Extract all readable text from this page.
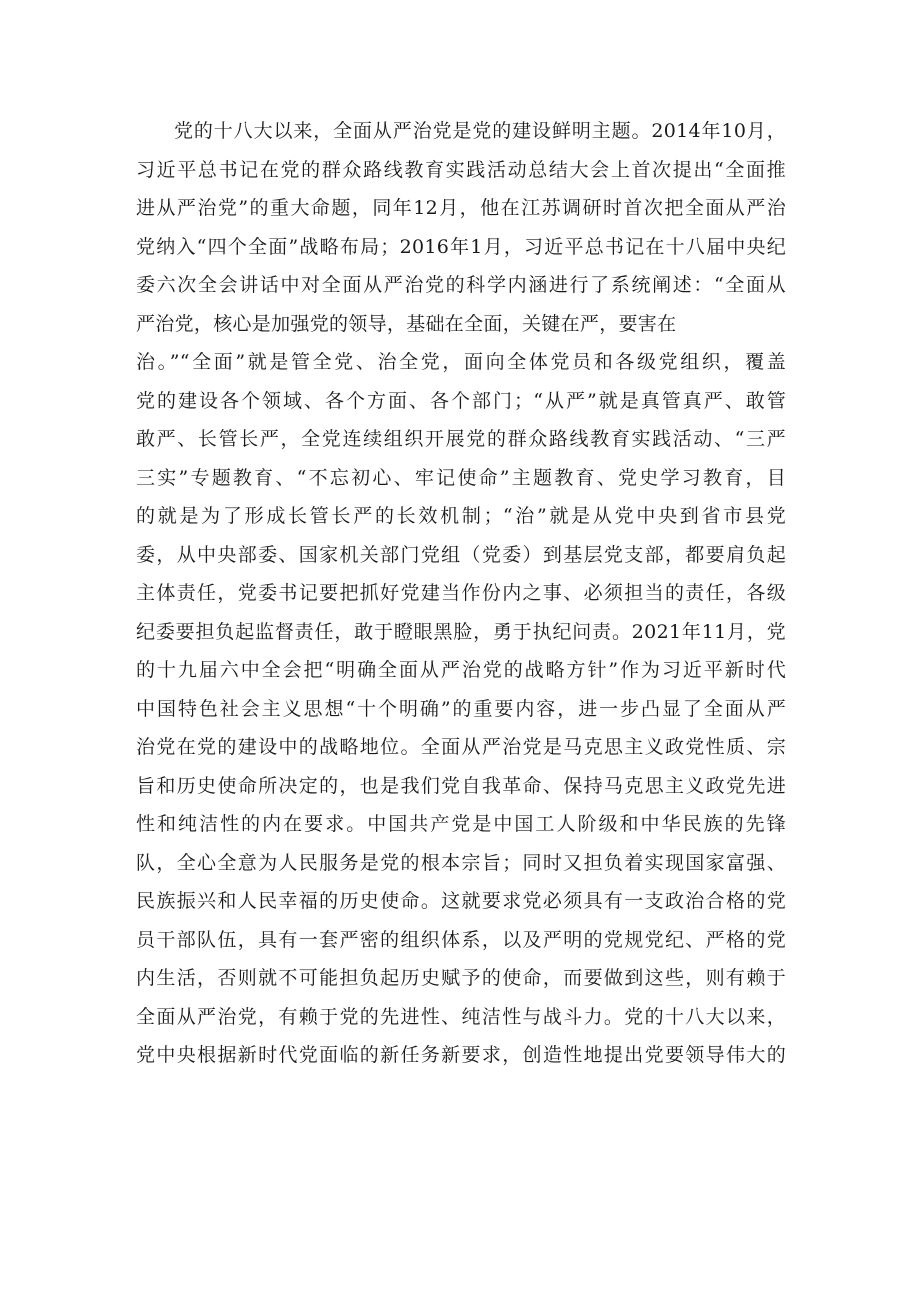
党的十八大以来，全面从严治党是党的建设鲜明主题。2014年10月，
习近平总书记在党的群众路线教育实践活动总结大会上首次提出“全面推
进从严治党”的重大命题，同年12月，他在江苏调研时首次把全面从严治
党纳入“四个全面”战略布局；2016年1月，习近平总书记在十八届中央纪
委六次全会讲话中对全面从严治党的科学内涵进行了系统阐述：“全面从
严治党，核心是加强党的领导，基础在全面，关键在严，要害在
治。”“全面”就是管全党、治全党，面向全体党员和各级党组织，覆盖
党的建设各个领域、各个方面、各个部门；“从严”就是真管真严、敢管
敢严、长管长严，全党连续组织开展党的群众路线教育实践活动、“三严
三实”专题教育、“不忘初心、牢记使命”主题教育、党史学习教育，目
的就是为了形成长管长严的长效机制；“治”就是从党中央到省市县党
委，从中央部委、国家机关部门党组（党委）到基层党支部，都要肩负起
主体责任，党委书记要把抓好党建当作份内之事、必须担当的责任，各级
纪委要担负起监督责任，敢于瞪眼黑脸，勇于执纪问责。2021年11月，党
的十九届六中全会把“明确全面从严治党的战略方针”作为习近平新时代
中国特色社会主义思想“十个明确”的重要内容，进一步凸显了全面从严
治党在党的建设中的战略地位。全面从严治党是马克思主义政党性质、宗
旨和历史使命所决定的，也是我们党自我革命、保持马克思主义政党先进
性和纯洁性的内在要求。中国共产党是中国工人阶级和中华民族的先锋
队，全心全意为人民服务是党的根本宗旨；同时又担负着实现国家富强、
民族振兴和人民幸福的历史使命。这就要求党必须具有一支政治合格的党
员干部队伍，具有一套严密的组织体系，以及严明的党规党纪、严格的党
内生活，否则就不可能担负起历史赋予的使命，而要做到这些，则有赖于
全面从严治党，有赖于党的先进性、纯洁性与战斗力。党的十八大以来，
党中央根据新时代党面临的新任务新要求，创造性地提出党要领导伟大的
